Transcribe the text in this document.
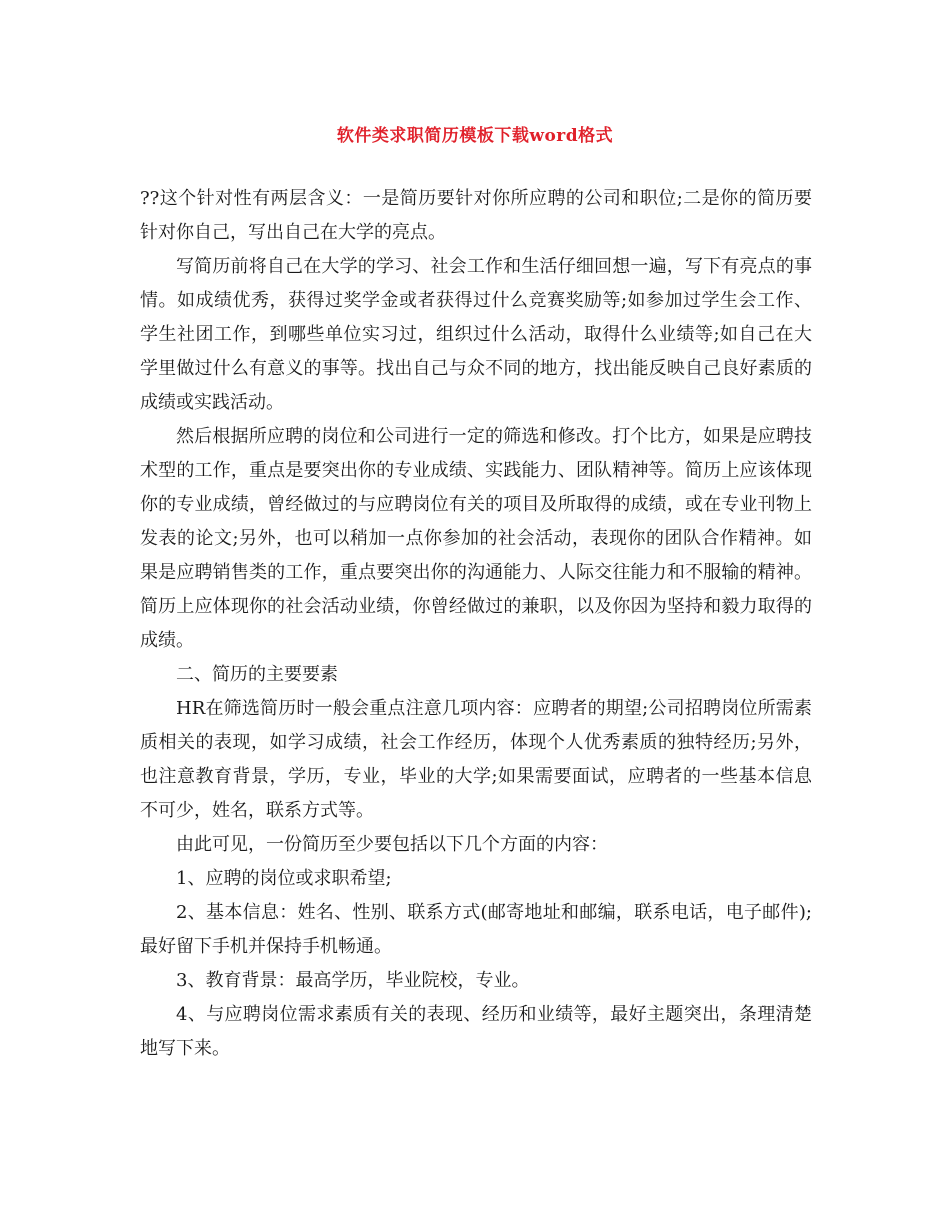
软件类求职简历模板下载word格式

??这个针对性有两层含义：一是简历要针对你所应聘的公司和职位;二是你的简历要针对你自己，写出自己在大学的亮点。

写简历前将自己在大学的学习、社会工作和生活仔细回想一遍，写下有亮点的事情。如成绩优秀，获得过奖学金或者获得过什么竞赛奖励等;如参加过学生会工作、学生社团工作，到哪些单位实习过，组织过什么活动，取得什么业绩等;如自己在大学里做过什么有意义的事等。找出自己与众不同的地方，找出能反映自己良好素质的成绩或实践活动。

然后根据所应聘的岗位和公司进行一定的筛选和修改。打个比方，如果是应聘技术型的工作，重点是要突出你的专业成绩、实践能力、团队精神等。简历上应该体现你的专业成绩，曾经做过的与应聘岗位有关的项目及所取得的成绩，或在专业刊物上发表的论文;另外，也可以稍加一点你参加的社会活动，表现你的团队合作精神。如果是应聘销售类的工作，重点要突出你的沟通能力、人际交往能力和不服输的精神。简历上应体现你的社会活动业绩，你曾经做过的兼职，以及你因为坚持和毅力取得的成绩。

二、简历的主要要素

HR在筛选简历时一般会重点注意几项内容：应聘者的期望;公司招聘岗位所需素质相关的表现，如学习成绩，社会工作经历，体现个人优秀素质的独特经历;另外，也注意教育背景，学历，专业，毕业的大学;如果需要面试，应聘者的一些基本信息不可少，姓名，联系方式等。

由此可见，一份简历至少要包括以下几个方面的内容：

1、应聘的岗位或求职希望;

2、基本信息：姓名、性别、联系方式(邮寄地址和邮编，联系电话，电子邮件);最好留下手机并保持手机畅通。

3、教育背景：最高学历，毕业院校，专业。

4、与应聘岗位需求素质有关的表现、经历和业绩等，最好主题突出，条理清楚地写下来。
